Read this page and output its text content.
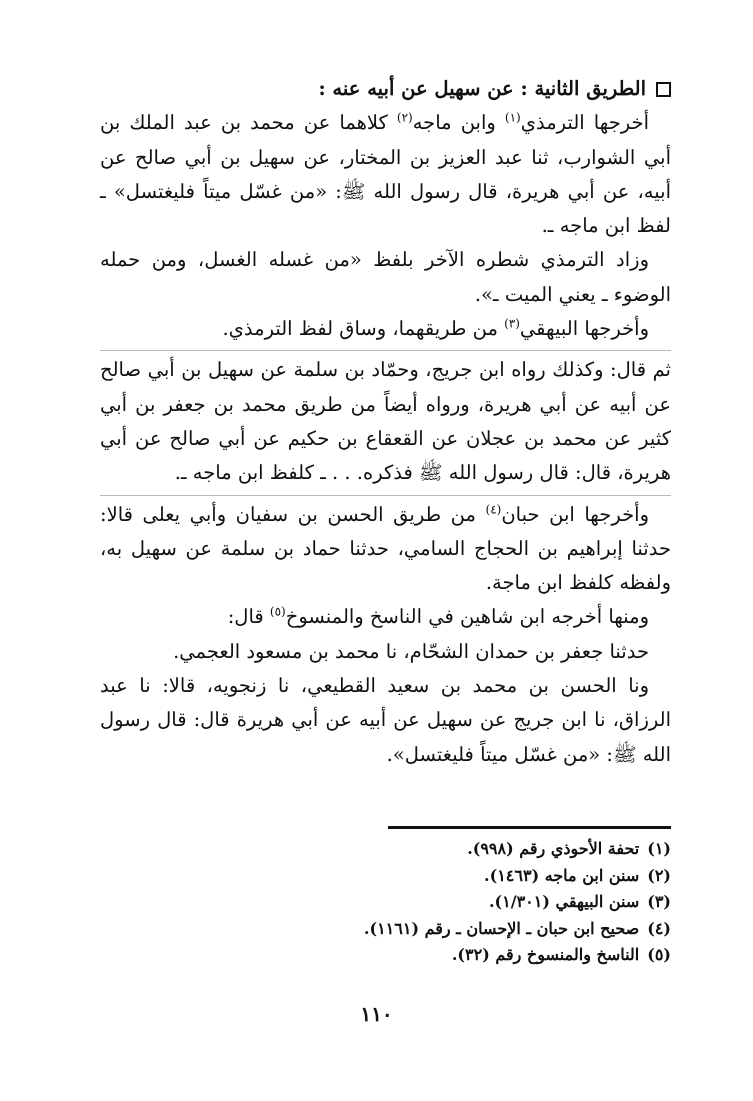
الطريق الثانية : عن سهيل عن أبيه عنه :

أخرجها الترمذي$^{(١)}$ وابن ماجه$^{(٢)}$ كلاهما عن محمد بن عبد الملك بن أبي الشوارب، ثنا عبد العزيز بن المختار، عن سهيل بن أبي صالح عن أبيه، عن أبي هريرة، قال رسول الله ﷺ: «من غسّل ميتاً فليغتسل» ـ لفظ ابن ماجه ـ.

وزاد الترمذي شطره الآخر بلفظ «من غسله الغسل، ومن حمله الوضوء ـ يعني الميت ـ».

وأخرجها البيهقي$^{(٣)}$ من طريقهما، وساق لفظ الترمذي.

ثم قال: وكذلك رواه ابن جريج، وحمّاد بن سلمة عن سهيل بن أبي صالح عن أبيه عن أبي هريرة، ورواه أيضاً من طريق محمد بن جعفر بن أبي كثير عن محمد بن عجلان عن القعقاع بن حكيم عن أبي صالح عن أبي هريرة، قال: قال رسول الله ﷺ فذكره. . . ـ كلفظ ابن ماجه ـ.

وأخرجها ابن حبان$^{(٤)}$ من طريق الحسن بن سفيان وأبي يعلى قالا: حدثنا إبراهيم بن الحجاج السامي، حدثنا حماد بن سلمة عن سهيل به، ولفظه كلفظ ابن ماجة.

ومنها أخرجه ابن شاهين في الناسخ والمنسوخ$^{(٥)}$ قال:

حدثنا جعفر بن حمدان الشحّام، نا محمد بن مسعود العجمي.

ونا الحسن بن محمد بن سعيد القطيعي، نا زنجويه، قالا: نا عبد الرزاق، نا ابن جريج عن سهيل عن أبيه عن أبي هريرة قال: قال رسول الله ﷺ: «من غسّل ميتاً فليغتسل».

(١)تحفة الأحوذي رقم (٩٩٨).
(٢)سنن ابن ماجه (١٤٦٣).
(٣)سنن البيهقي (١/٣٠١).
(٤)صحيح ابن حبان ـ الإحسان ـ رقم (١١٦١).
(٥)الناسخ والمنسوخ رقم (٣٢).
١١٠
